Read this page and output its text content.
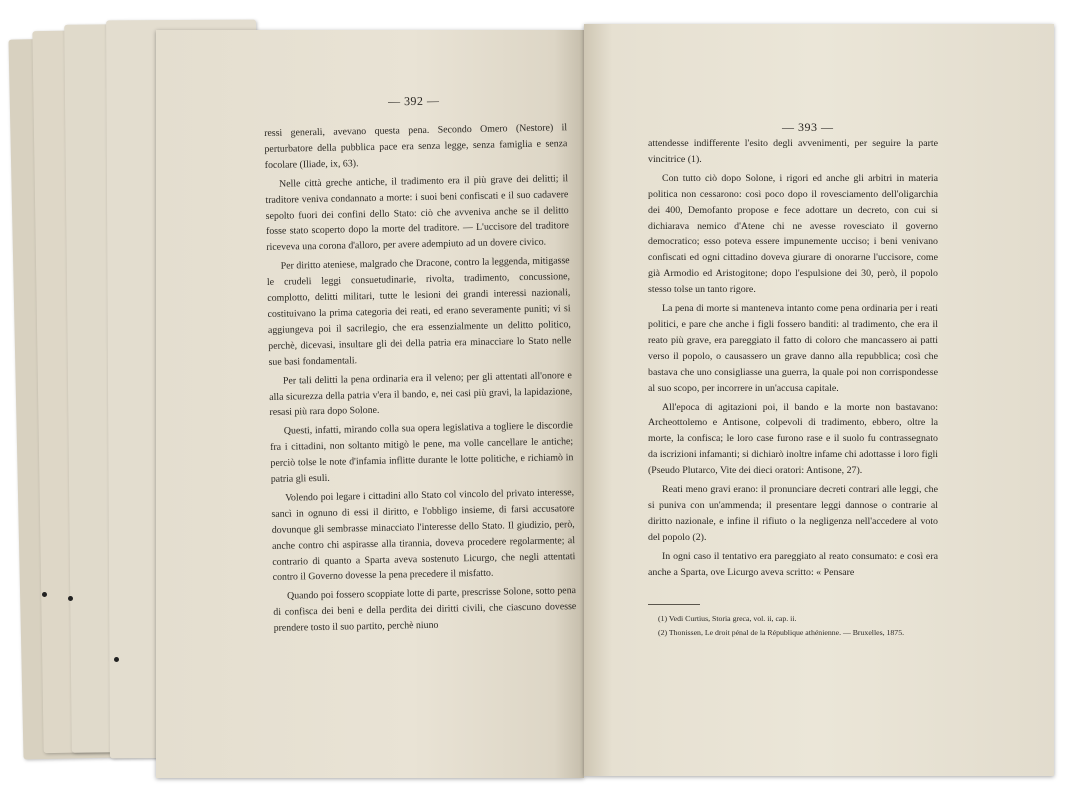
— 392 —

ressi generali, avevano questa pena. Secondo Omero (Nestore) il perturbatore della pubblica pace era senza legge, senza famiglia e senza focolare (Iliade, ix, 63).

Nelle città greche antiche, il tradimento era il più grave dei delitti; il traditore veniva condannato a morte: i suoi beni confiscati e il suo cadavere sepolto fuori dei confini dello Stato: ciò che avveniva anche se il delitto fosse stato scoperto dopo la morte del traditore. — L'uccisore del traditore riceveva una corona d'alloro, per avere adempiuto ad un dovere civico.

Per diritto ateniese, malgrado che Dracone, contro la leggenda, mitigasse le crudeli leggi consuetudinarie, rivolta, tradimento, concussione, complotto, delitti militari, tutte le lesioni dei grandi interessi nazionali, costituivano la prima categoria dei reati, ed erano severamente puniti; vi si aggiungeva poi il sacrilegio, che era essenzialmente un delitto politico, perchè, dicevasi, insultare gli dei della patria era minacciare lo Stato nelle sue basi fondamentali.

Per tali delitti la pena ordinaria era il veleno; per gli attentati all'onore e alla sicurezza della patria v'era il bando, e, nei casi più gravi, la lapidazione, resasi più rara dopo Solone.

Questi, infatti, mirando colla sua opera legislativa a togliere le discordie fra i cittadini, non soltanto mitigò le pene, ma volle cancellare le antiche; perciò tolse le note d'infamia inflitte durante le lotte politiche, e richiamò in patria gli esuli.

Volendo poi legare i cittadini allo Stato col vincolo del privato interesse, sancì in ognuno di essi il diritto, e l'obbligo insieme, di farsi accusatore dovunque gli sembrasse minacciato l'interesse dello Stato. Il giudizio, però, anche contro chi aspirasse alla tirannia, doveva procedere regolarmente; al contrario di quanto a Sparta aveva sostenuto Licurgo, che negli attentati contro il Governo dovesse la pena precedere il misfatto.

Quando poi fossero scoppiate lotte di parte, prescrisse Solone, sotto pena di confisca dei beni e della perdita dei diritti civili, che ciascuno dovesse prendere tosto il suo partito, perchè niuno

— 393 —

attendesse indifferente l'esito degli avvenimenti, per seguire la parte vincitrice (1).

Con tutto ciò dopo Solone, i rigori ed anche gli arbitri in materia politica non cessarono: così poco dopo il rovesciamento dell'oligarchia dei 400, Demofanto propose e fece adottare un decreto, con cui si dichiarava nemico d'Atene chi ne avesse rovesciato il governo democratico; esso poteva essere impunemente ucciso; i beni venivano confiscati ed ogni cittadino doveva giurare di onorarne l'uccisore, come già Armodio ed Aristogitone; dopo l'espulsione dei 30, però, il popolo stesso tolse un tanto rigore.

La pena di morte si manteneva intanto come pena ordinaria per i reati politici, e pare che anche i figli fossero banditi: al tradimento, che era il reato più grave, era pareggiato il fatto di coloro che mancassero ai patti verso il popolo, o causassero un grave danno alla repubblica; così che bastava che uno consigliasse una guerra, la quale poi non corrispondesse al suo scopo, per incorrere in un'accusa capitale.

All'epoca di agitazioni poi, il bando e la morte non bastavano: Archeottolemo e Antisone, colpevoli di tradimento, ebbero, oltre la morte, la confisca; le loro case furono rase e il suolo fu contrassegnato da iscrizioni infamanti; si dichiarò inoltre infame chi adottasse i loro figli (Pseudo Plutarco, Vite dei dieci oratori: Antisone, 27).

Reati meno gravi erano: il pronunciare decreti contrari alle leggi, che si puniva con un'ammenda; il presentare leggi dannose o contrarie al diritto nazionale, e infine il rifiuto o la negligenza nell'accedere al voto del popolo (2).

In ogni caso il tentativo era pareggiato al reato consumato: e così era anche a Sparta, ove Licurgo aveva scritto: « Pensare

(1) Vedi Curtius, Storia greca, vol. ii, cap. ii.

(2) Thonissen, Le droit pénal de la République athénienne. — Bruxelles, 1875.
